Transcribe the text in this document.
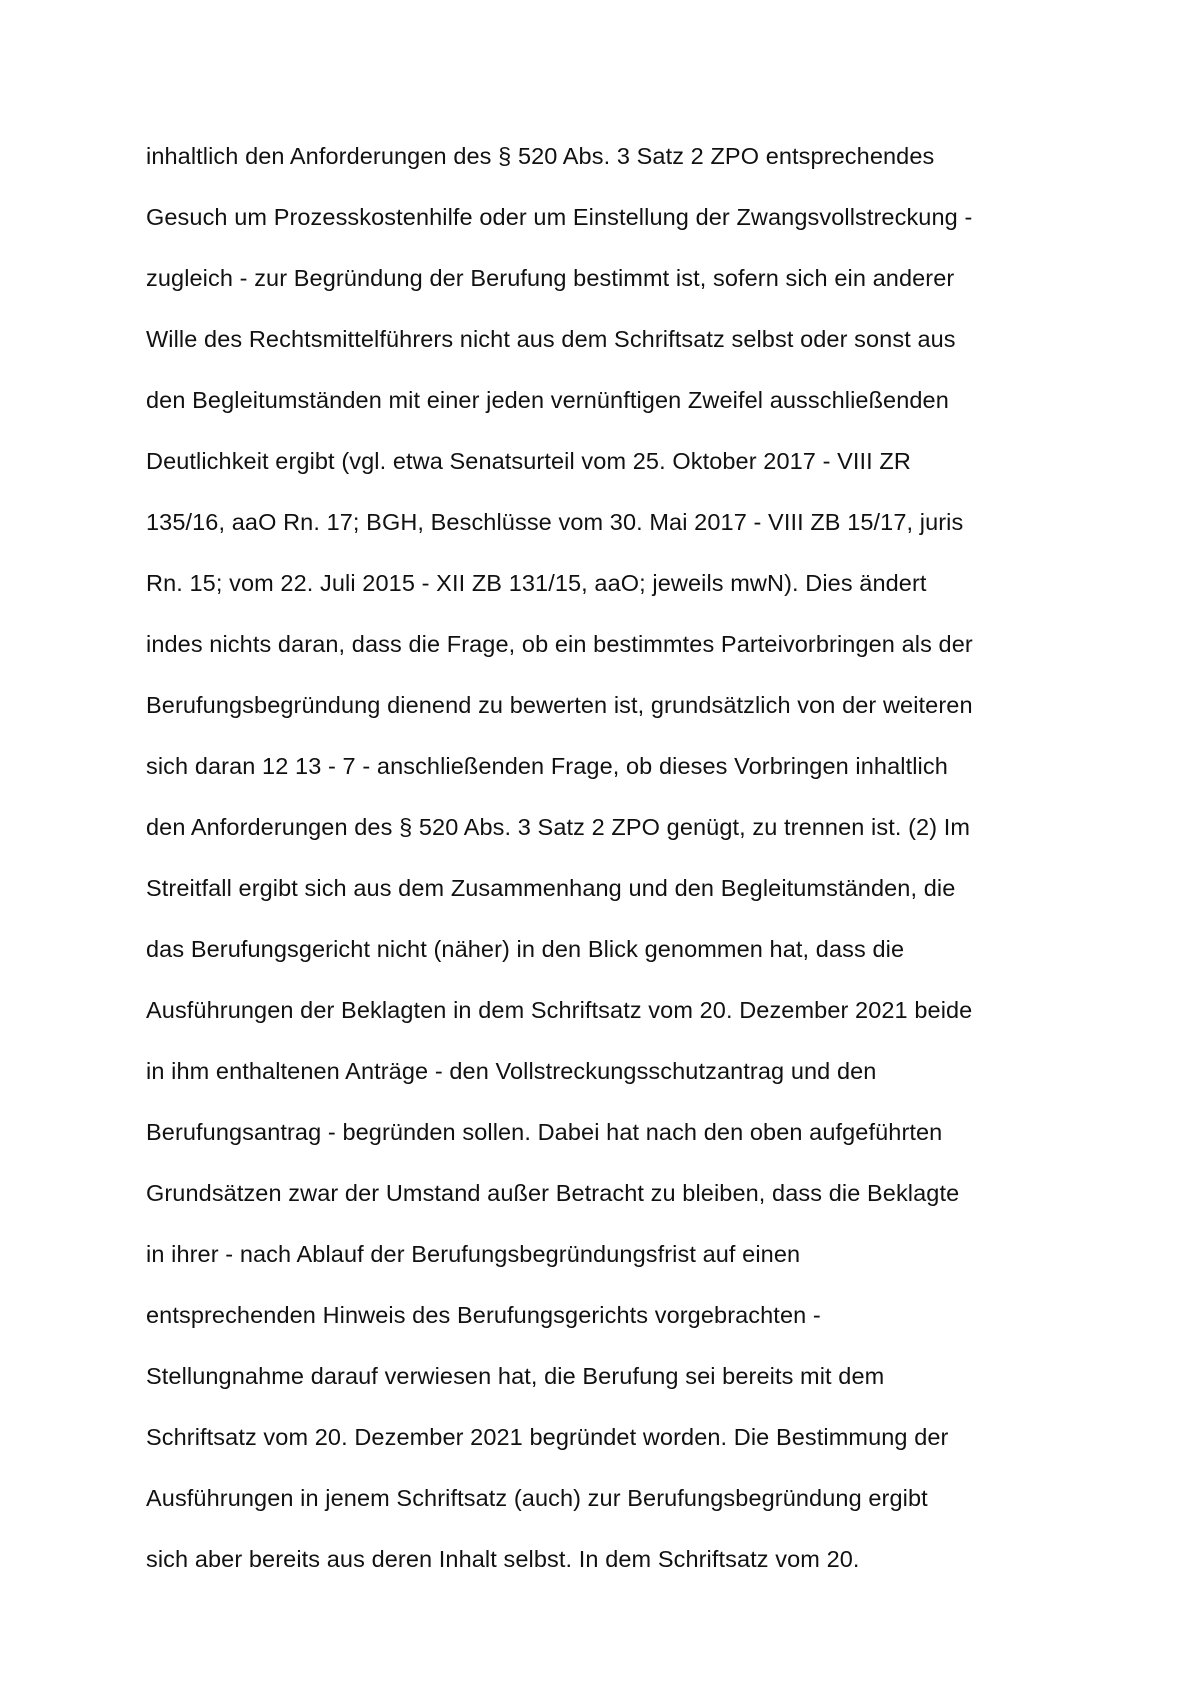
inhaltlich den Anforderungen des § 520 Abs. 3 Satz 2 ZPO entsprechendes
Gesuch um Prozesskostenhilfe oder um Einstellung der Zwangsvollstreckung -
zugleich - zur Begründung der Berufung bestimmt ist, sofern sich ein anderer
Wille des Rechtsmittelführers nicht aus dem Schriftsatz selbst oder sonst aus
den Begleitumständen mit einer jeden vernünftigen Zweifel ausschließenden
Deutlichkeit ergibt (vgl. etwa Senatsurteil vom 25. Oktober 2017 - VIII ZR
135/16, aaO Rn. 17; BGH, Beschlüsse vom 30. Mai 2017 - VIII ZB 15/17, juris
Rn. 15; vom 22. Juli 2015 - XII ZB 131/15, aaO; jeweils mwN). Dies ändert
indes nichts daran, dass die Frage, ob ein bestimmtes Parteivorbringen als der
Berufungsbegründung dienend zu bewerten ist, grundsätzlich von der weiteren
sich daran 12 13 - 7 - anschließenden Frage, ob dieses Vorbringen inhaltlich
den Anforderungen des § 520 Abs. 3 Satz 2 ZPO genügt, zu trennen ist. (2) Im
Streitfall ergibt sich aus dem Zusammenhang und den Begleitumständen, die
das Berufungsgericht nicht (näher) in den Blick genommen hat, dass die
Ausführungen der Beklagten in dem Schriftsatz vom 20. Dezember 2021 beide
in ihm enthaltenen Anträge - den Vollstreckungsschutzantrag und den
Berufungsantrag - begründen sollen. Dabei hat nach den oben aufgeführten
Grundsätzen zwar der Umstand außer Betracht zu bleiben, dass die Beklagte
in ihrer - nach Ablauf der Berufungsbegründungsfrist auf einen
entsprechenden Hinweis des Berufungsgerichts vorgebrachten -
Stellungnahme darauf verwiesen hat, die Berufung sei bereits mit dem
Schriftsatz vom 20. Dezember 2021 begründet worden. Die Bestimmung der
Ausführungen in jenem Schriftsatz (auch) zur Berufungsbegründung ergibt
sich aber bereits aus deren Inhalt selbst. In dem Schriftsatz vom 20.
